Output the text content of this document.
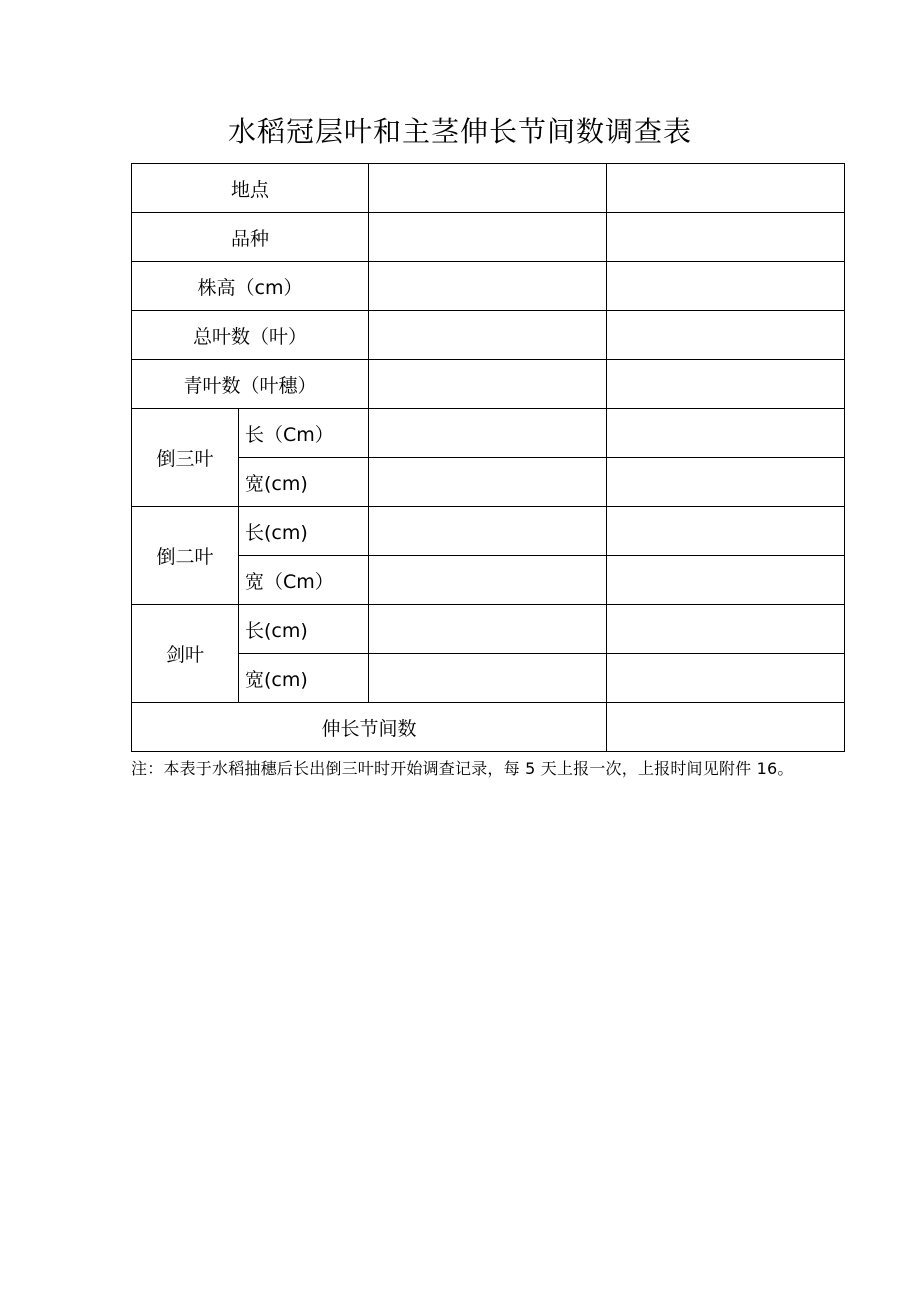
水稻冠层叶和主茎伸长节间数调查表
地点			
品种			
株高（cm）			
总叶数（叶）			
青叶数（叶穗）			
倒三叶	长（Cm）		
	宽(cm)		
倒二叶	长(cm)		
	宽（Cm）		
剑叶	长(cm)		
	宽(cm)		
伸长节间数			
注：本表于水稻抽穗后长出倒三叶时开始调查记录，每 5 天上报一次，上报时间见附件 16。
